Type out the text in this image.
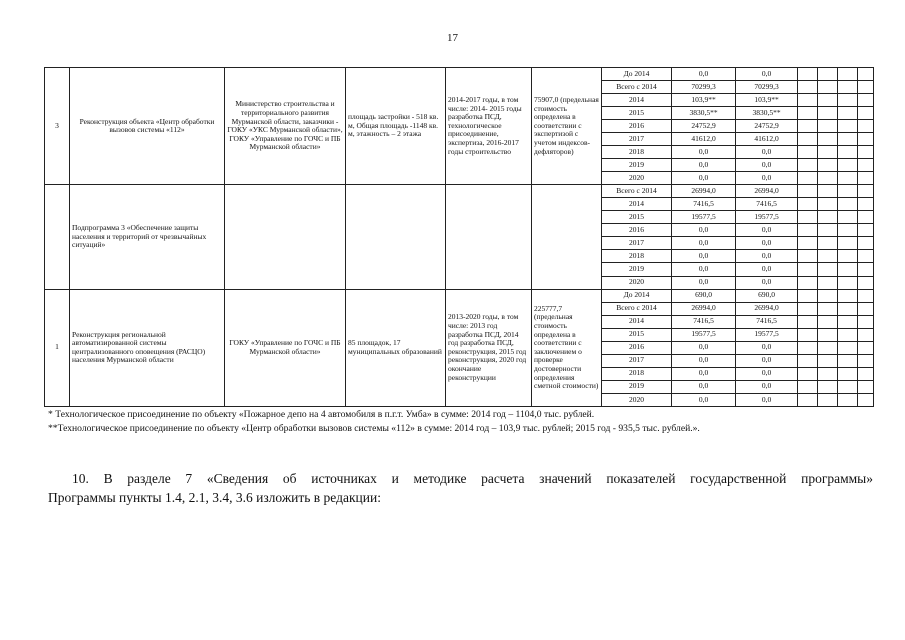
17
3	Реконструкция объекта «Центр обработки вызовов системы «112»	Министерство строительства и территориального развития Мурманской области, заказчики - ГОКУ «УКС Мурманской области», ГОКУ «Управление по ГОЧС и ПБ Мурманской области»	площадь застройки - 518 кв. м, Общая площадь -1148 кв. м, этажность – 2 этажа	2014-2017 годы, в том числе: 2014- 2015 годы разработка ПСД, технологическое присоединение, экспертиза, 2016-2017 годы строительство	75907,0 (предельная стоимость определена в соответствии с экспертизой с учетом индексов-дефляторов)	До 2014	0,0	0,0				
						Всего с 2014	70299,3	70299,3				
						2014	103,9**	103,9**				
						2015	3830,5**	3830,5**				
						2016	24752,9	24752,9				
						2017	41612,0	41612,0				
						2018	0,0	0,0				
						2019	0,0	0,0				
						2020	0,0	0,0				
	Подпрограмма 3 «Обеспечение защиты населения и территорий от чрезвычайных ситуаций»					Всего с 2014	26994,0	26994,0				
						2014	7416,5	7416,5				
						2015	19577,5	19577,5				
						2016	0,0	0,0				
						2017	0,0	0,0				
						2018	0,0	0,0				
						2019	0,0	0,0				
						2020	0,0	0,0				
1	Реконструкция региональной автоматизированной системы централизованного оповещения (РАСЦО) населения Мурманской области	ГОКУ «Управление по ГОЧС и ПБ Мурманской области»	85 площадок, 17 муниципальных образований	2013-2020 годы, в том числе: 2013 год разработка ПСД, 2014 год разработка ПСД, реконструкция, 2015 год реконструкция, 2020 год окончание реконструкции	225777,7 (предельная стоимость определена в соответствии с заключением о проверке достоверности определения сметной стоимости)	До 2014	690,0	690,0				
						Всего с 2014	26994,0	26994,0				
						2014	7416,5	7416,5				
						2015	19577,5	19577,5				
						2016	0,0	0,0				
						2017	0,0	0,0				
						2018	0,0	0,0				
						2019	0,0	0,0				
						2020	0,0	0,0				
* Технологическое присоединение по объекту «Пожарное депо на 4 автомобиля в п.г.т. Умба» в сумме: 2014 год – 1104,0 тыс. рублей.
**Технологическое присоединение по объекту «Центр обработки вызовов системы «112» в сумме: 2014 год – 103,9 тыс. рублей; 2015 год - 935,5 тыс. рублей.».
10. В разделе 7 «Сведения об источниках и методике расчета значений показателей государственной программы»
Программы пункты 1.4, 2.1, 3.4, 3.6 изложить в редакции:
